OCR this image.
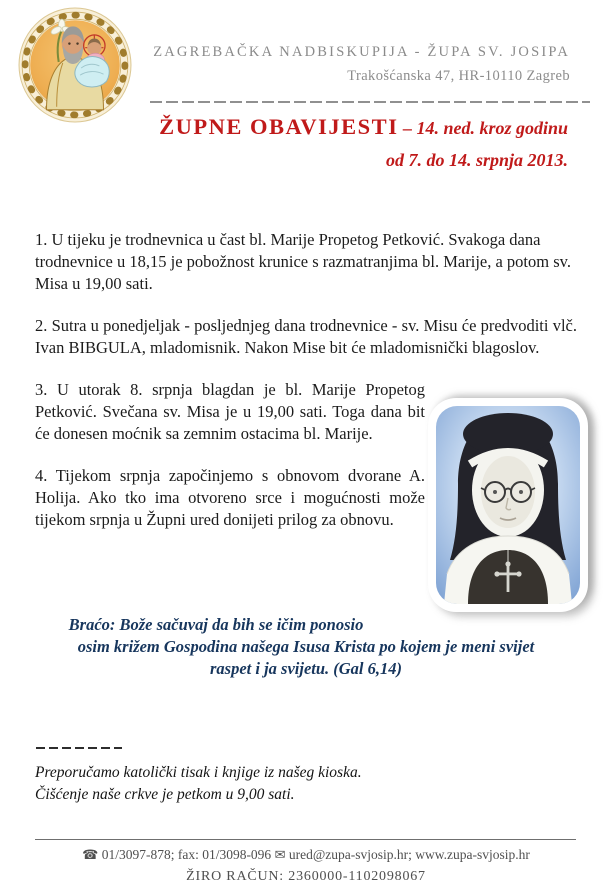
ZAGREBAČKA NADBISKUPIJA - ŽUPA SV. JOSIPA
Trakošćanska 47, HR-10110 Zagreb
ŽUPNE OBAVIJESTI – 14. ned. kroz godinu
od 7. do 14. srpnja 2013.

1. U tijeku je trodnevnica u čast bl. Marije Propetog Petković. Svakoga dana trodnevnice u 18,15 je pobožnost krunice s razmatranjima bl. Marije, a potom sv. Misa u 19,00 sati.

2. Sutra u ponedjeljak - posljednjeg dana trodnevnice - sv. Misu će predvoditi vlč. Ivan BIBGULA, mladomisnik. Nakon Mise bit će mladomisnički blagoslov.

3. U utorak 8. srpnja blagdan je bl. Marije Propetog Petković. Svečana sv. Misa je u 19,00 sati. Toga dana bit će donesen moćnik sa zemnim ostacima bl. Marije.

4. Tijekom srpnja započinjemo s obnovom dvorane A. Holija. Ako tko ima otvoreno srce i mogućnosti može tijekom srpnja u Župni ured donijeti prilog za obnovu.

Braćo: Bože sačuvaj da bih se ičim ponosio
osim križem Gospodina našega Isusa Krista po kojem je meni svijet
raspet i ja svijetu. (Gal 6,14)
Preporučamo katolički tisak i knjige iz našeg kioska.
Čišćenje naše crkve je petkom u 9,00 sati.
☎ 01/3097-878; fax: 01/3098-096 ✉ ured@zupa-svjosip.hr; www.zupa-svjosip.hr
ŽIRO RAČUN: 2360000-1102098067
